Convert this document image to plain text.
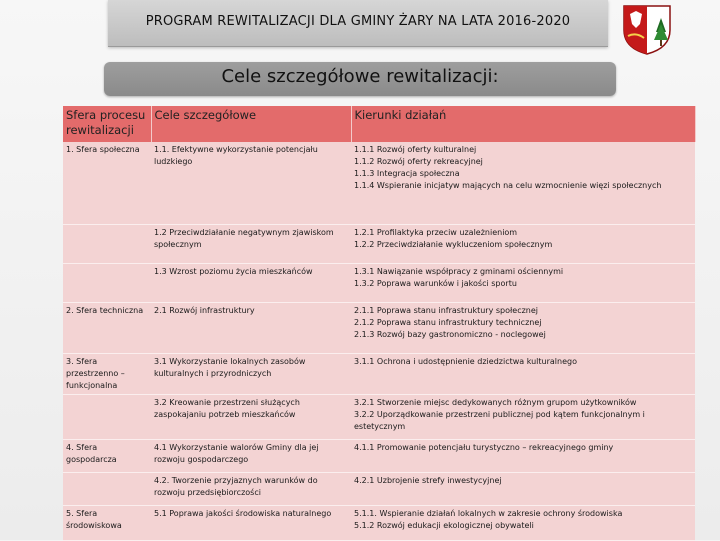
PROGRAM REWITALIZACJI DLA GMINY ŻARY NA LATA 2016-2020
Cele szczegółowe rewitalizacji:
Sfera procesu rewitalizacji	Cele szczegółowe	Kierunki działań

1. Sfera społeczna	1.1. Efektywne wykorzystanie potencjału ludzkiego	1.1.1 Rozwój oferty kulturalnej
1.1.2 Rozwój oferty rekreacyjnej
1.1.3 Integracja społeczna
1.1.4 Wspieranie inicjatyw mających na celu wzmocnienie więzi społecznych

	1.2 Przeciwdziałanie negatywnym zjawiskom społecznym	1.2.1 Profilaktyka przeciw uzależnieniom
1.2.2 Przeciwdziałanie wykluczeniom społecznym

	1.3 Wzrost poziomu życia mieszkańców	1.3.1 Nawiązanie współpracy z gminami ościennymi
1.3.2 Poprawa warunków i jakości sportu

2. Sfera techniczna	2.1 Rozwój infrastruktury	2.1.1 Poprawa stanu infrastruktury społecznej
2.1.2 Poprawa stanu infrastruktury technicznej
2.1.3 Rozwój bazy gastronomiczno - noclegowej

3. Sfera przestrzenno – funkcjonalna	3.1 Wykorzystanie lokalnych zasobów kulturalnych i przyrodniczych	3.1.1 Ochrona i udostępnienie dziedzictwa kulturalnego

	3.2 Kreowanie przestrzeni służących zaspokajaniu potrzeb mieszkańców	3.2.1 Stworzenie miejsc dedykowanych różnym grupom użytkowników
3.2.2 Uporządkowanie przestrzeni publicznej pod kątem funkcjonalnym i estetycznym

4. Sfera gospodarcza	4.1 Wykorzystanie walorów Gminy dla jej rozwoju gospodarczego	4.1.1 Promowanie potencjału turystyczno – rekreacyjnego gminy

	4.2. Tworzenie przyjaznych warunków do rozwoju przedsiębiorczości	4.2.1 Uzbrojenie strefy inwestycyjnej

5. Sfera środowiskowa	5.1 Poprawa jakości środowiska naturalnego	5.1.1. Wspieranie działań lokalnych w zakresie ochrony środowiska
5.1.2 Rozwój edukacji ekologicznej obywateli
